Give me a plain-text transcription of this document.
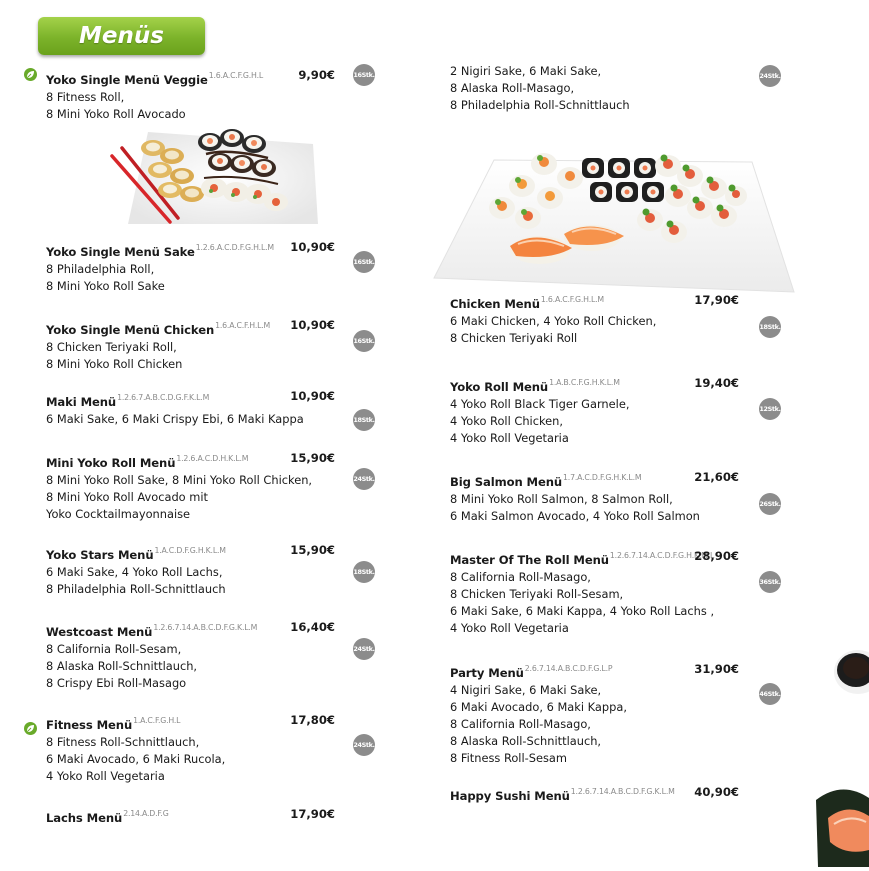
Menüs
Yoko Single Menü Veggie$^{1.6.A.C.F.G.H.L}$
8 Fitness Roll,
8 Mini Yoko Roll Avocado
9,90€	16Stk.
Yoko Single Menü Sake$^{1.2.6.A.C.D.F.G.H.L.M}$
8 Philadelphia Roll,
8 Mini Yoko Roll Sake
10,90€
16Stk.
Yoko Single Menü Chicken$^{1.6.A.C.F.H.L.M}$
8 Chicken Teriyaki Roll,
8 Mini Yoko Roll Chicken
10,90€
16Stk.
Maki Menü$^{1.2.6.7.A.B.C.D.G.F.K.L.M}$
6 Maki Sake, 6 Maki Crispy Ebi, 6 Maki Kappa
10,90€
18Stk.
Mini Yoko Roll Menü$^{1.2.6.A.C.D.H.K.L.M}$
8 Mini Yoko Roll Sake, 8 Mini Yoko Roll Chicken,
8 Mini Yoko Roll Avocado mit
Yoko Cocktailmayonnaise
15,90€
24Stk.
Yoko Stars Menü$^{1.A.C.D.F.G.H.K.L.M}$
6 Maki Sake, 4 Yoko Roll Lachs,
8 Philadelphia Roll-Schnittlauch
15,90€
18Stk.
Westcoast Menü$^{1.2.6.7.14.A.B.C.D.F.G.K.L.M}$
8 California Roll-Sesam,
8 Alaska Roll-Schnittlauch,
8 Crispy Ebi Roll-Masago
16,40€
24Stk.
Fitness Menü$^{1.A.C.F.G.H.L}$
8 Fitness Roll-Schnittlauch,
6 Maki Avocado, 6 Maki Rucola,
4 Yoko Roll Vegetaria
17,80€
24Stk.
Lachs Menü$^{2.14.A.D.F.G}$	17,90€
2 Nigiri Sake, 6 Maki Sake,
8 Alaska Roll-Masago,
8 Philadelphia Roll-Schnittlauch
24Stk.
Chicken Menü$^{1.6.A.C.F.G.H.L.M}$
6 Maki Chicken, 4 Yoko Roll Chicken,
8 Chicken Teriyaki Roll
17,90€
18Stk.
Yoko Roll Menü$^{1.A.B.C.F.G.H.K.L.M}$
4 Yoko Roll Black Tiger Garnele,
4 Yoko Roll Chicken,
4 Yoko Roll Vegetaria
19,40€
12Stk.
Big Salmon Menü$^{1.7.A.C.D.F.G.H.K.L.M}$
8 Mini Yoko Roll Salmon, 8 Salmon Roll,
6 Maki Salmon Avocado, 4 Yoko Roll Salmon
21,60€
26Stk.
Master Of The Roll Menü$^{1.2.6.7.14.A.C.D.F.G.H.K.M.L}$
8 California Roll-Masago,
8 Chicken Teriyaki Roll-Sesam,
6 Maki Sake, 6 Maki Kappa, 4 Yoko Roll Lachs ,
4 Yoko Roll Vegetaria
28,90€
36Stk.
Party Menü$^{2.6.7.14.A.B.C.D.F.G.L.P}$
4 Nigiri Sake, 6 Maki Sake,
6 Maki Avocado, 6 Maki Kappa,
8 California Roll-Masago,
8 Alaska Roll-Schnittlauch,
8 Fitness Roll-Sesam
31,90€
46Stk.
Happy Sushi Menü$^{1.2.6.7.14.A.B.C.D.F.G.K.L.M}$	40,90€
